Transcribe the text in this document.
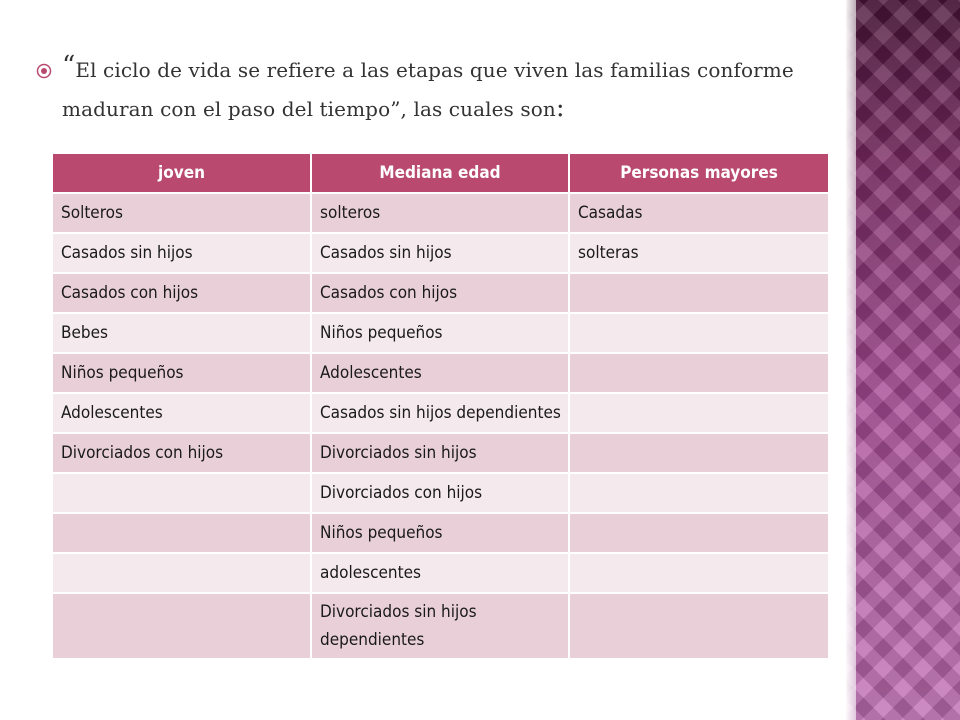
“El ciclo de vida se refiere a las etapas que viven las familias conforme maduran con el paso del tiempo”, las cuales son:
joven	Mediana edad	Personas mayores
Solteros	solteros	Casadas
Casados sin hijos	Casados sin hijos	solteras
Casados con hijos	Casados con hijos	
Bebes	Niños pequeños	
Niños pequeños	Adolescentes	
Adolescentes	Casados sin hijos dependientes	
Divorciados con hijos	Divorciados sin hijos	
	Divorciados con hijos	
	Niños pequeños	
	adolescentes	
	Divorciados sin hijos dependientes	
